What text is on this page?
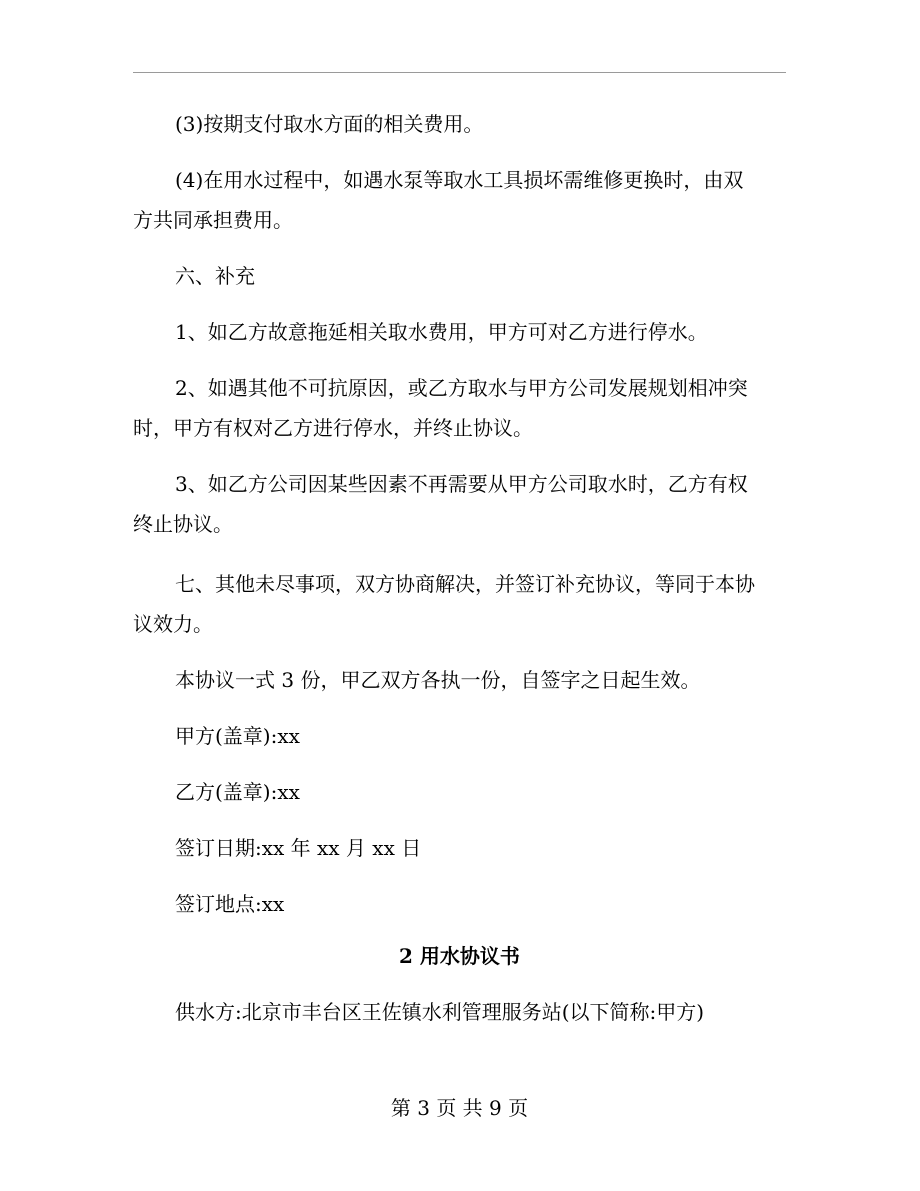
(3)按期支付取水方面的相关费用。
(4)在用水过程中，如遇水泵等取水工具损坏需维修更换时，由双
方共同承担费用。
六、补充
1、如乙方故意拖延相关取水费用，甲方可对乙方进行停水。
2、如遇其他不可抗原因，或乙方取水与甲方公司发展规划相冲突
时，甲方有权对乙方进行停水，并终止协议。
3、如乙方公司因某些因素不再需要从甲方公司取水时，乙方有权
终止协议。
七、其他未尽事项，双方协商解决，并签订补充协议，等同于本协
议效力。
本协议一式 3 份，甲乙双方各执一份，自签字之日起生效。
甲方(盖章):xx
乙方(盖章):xx
签订日期:xx 年 xx 月 xx 日
签订地点:xx
2 用水协议书
供水方:北京市丰台区王佐镇水利管理服务站(以下简称:甲方)
第 3 页 共 9 页
